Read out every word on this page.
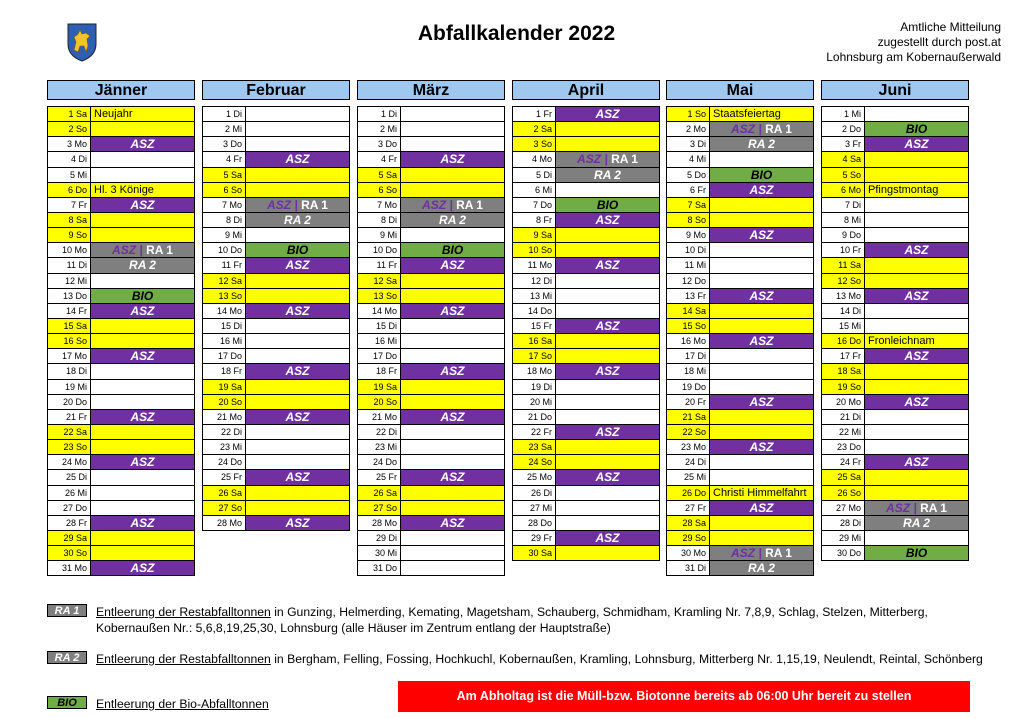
Abfallkalender 2022	Amtliche Mitteilung
zugestellt durch post.at
Lohnsburg am Kobernaußerwald
Jänner
1 Sa Neujahr
2 So
3 Mo	ASZ
4 Di
5 Mi
6 Do Hl. 3 Könige
7 Fr	ASZ
8 Sa
9 So
10 Mo	ASZ | RA 1
11 Di	RA 2
12 Mi
13 Do	BIO
14 Fr	ASZ
15 Sa
16 So
17 Mo	ASZ
18 Di
19 Mi
20 Do
21 Fr	ASZ
22 Sa
23 So
24 Mo	ASZ
25 Di
26 Mi
27 Do
28 Fr	ASZ
29 Sa
30 So
31 Mo	ASZ
Februar
1 Di
2 Mi
3 Do
4 Fr	ASZ
5 Sa
6 So
7 Mo	ASZ | RA 1
8 Di	RA 2
9 Mi
10 Do	BIO
11 Fr	ASZ
12 Sa
13 So
14 Mo	ASZ
15 Di
16 Mi
17 Do
18 Fr	ASZ
19 Sa
20 So
21 Mo	ASZ
22 Di
23 Mi
24 Do
25 Fr	ASZ
26 Sa
27 So
28 Mo	ASZ
März
1 Di
2 Mi
3 Do
4 Fr	ASZ
5 Sa
6 So
7 Mo	ASZ | RA 1
8 Di	RA 2
9 Mi
10 Do	BIO
11 Fr	ASZ
12 Sa
13 So
14 Mo	ASZ
15 Di
16 Mi
17 Do
18 Fr	ASZ
19 Sa
20 So
21 Mo	ASZ
22 Di
23 Mi
24 Do
25 Fr	ASZ
26 Sa
27 So
28 Mo	ASZ
29 Di
30 Mi
31 Do
April
1 Fr	ASZ
2 Sa
3 So
4 Mo	ASZ | RA 1
5 Di	RA 2
6 Mi
7 Do	BIO
8 Fr	ASZ
9 Sa
10 So
11 Mo	ASZ
12 Di
13 Mi
14 Do
15 Fr	ASZ
16 Sa
17 So
18 Mo	ASZ
19 Di
20 Mi
21 Do
22 Fr	ASZ
23 Sa
24 So
25 Mo	ASZ
26 Di
27 Mi
28 Do
29 Fr	ASZ
30 Sa
Mai
1 So Staatsfeiertag
2 Mo	ASZ | RA 1
3 Di	RA 2
4 Mi
5 Do	BIO
6 Fr	ASZ
7 Sa
8 So
9 Mo	ASZ
10 Di
11 Mi
12 Do
13 Fr	ASZ
14 Sa
15 So
16 Mo	ASZ
17 Di
18 Mi
19 Do
20 Fr	ASZ
21 Sa
22 So
23 Mo	ASZ
24 Di
25 Mi
26 Do Christi Himmelfahrt
27 Fr	ASZ
28 Sa
29 So
30 Mo	ASZ | RA 1
31 Di	RA 2
Juni
1 Mi
2 Do	BIO
3 Fr	ASZ
4 Sa
5 So
6 Mo Pfingstmontag
7 Di
8 Mi
9 Do
10 Fr	ASZ
11 Sa
12 So
13 Mo	ASZ
14 Di
15 Mi
16 Do Fronleichnam
17 Fr	ASZ
18 Sa
19 So
20 Mo	ASZ
21 Di
22 Mi
23 Do
24 Fr	ASZ
25 Sa
26 So
27 Mo	ASZ | RA 1
28 Di	RA 2
29 Mi
30 Do	BIO
RA 1 Entleerung der Restabfalltonnen in Gunzing, Helmerding, Kemating, Magetsham, Schauberg, Schmidham, Kramling Nr. 7,8,9, Schlag, Stelzen, Mitterberg, Kobernaußen Nr.: 5,6,8,19,25,30, Lohnsburg (alle Häuser im Zentrum entlang der Hauptstraße)
RA 2 Entleerung der Restabfalltonnen in Bergham, Felling, Fossing, Hochkuchl, Kobernaußen, Kramling, Lohnsburg, Mitterberg Nr. 1,15,19, Neulendt, Reintal, Schönberg
BIO Entleerung der Bio-Abfalltonnen
Am Abholtag ist die Müll-bzw. Biotonne bereits ab 06:00 Uhr bereit zu stellen
